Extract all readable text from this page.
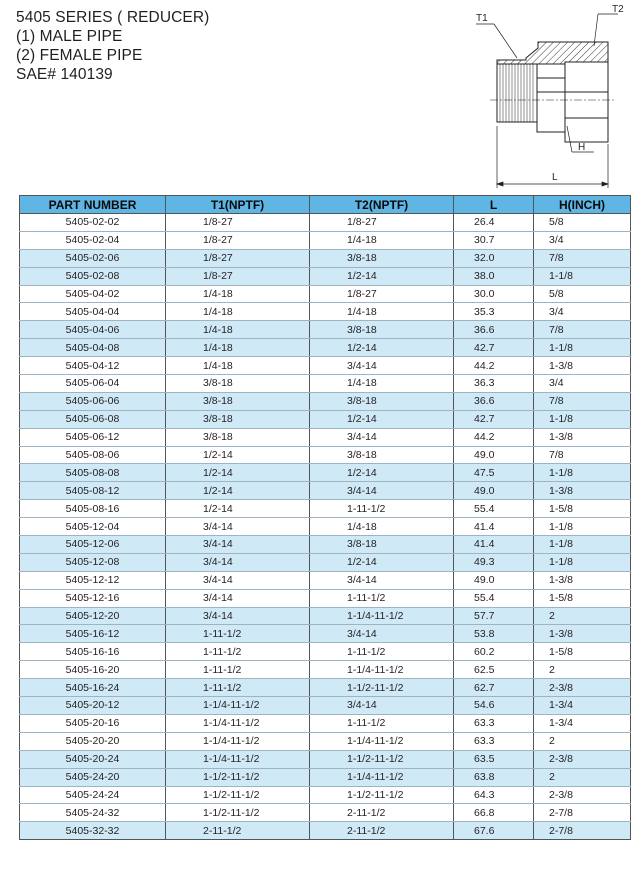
5405 SERIES ( REDUCER)
(1) MALE PIPE
(2) FEMALE PIPE
SAE# 140139
T1
T2
H
L
PART NUMBER	T1(NPTF)	T2(NPTF)	L	H(INCH)
5405-02-02	1/8-27	1/8-27	26.4	5/8
5405-02-04	1/8-27	1/4-18	30.7	3/4
5405-02-06	1/8-27	3/8-18	32.0	7/8
5405-02-08	1/8-27	1/2-14	38.0	1-1/8
5405-04-02	1/4-18	1/8-27	30.0	5/8
5405-04-04	1/4-18	1/4-18	35.3	3/4
5405-04-06	1/4-18	3/8-18	36.6	7/8
5405-04-08	1/4-18	1/2-14	42.7	1-1/8
5405-04-12	1/4-18	3/4-14	44.2	1-3/8
5405-06-04	3/8-18	1/4-18	36.3	3/4
5405-06-06	3/8-18	3/8-18	36.6	7/8
5405-06-08	3/8-18	1/2-14	42.7	1-1/8
5405-06-12	3/8-18	3/4-14	44.2	1-3/8
5405-08-06	1/2-14	3/8-18	49.0	7/8
5405-08-08	1/2-14	1/2-14	47.5	1-1/8
5405-08-12	1/2-14	3/4-14	49.0	1-3/8
5405-08-16	1/2-14	1-11-1/2	55.4	1-5/8
5405-12-04	3/4-14	1/4-18	41.4	1-1/8
5405-12-06	3/4-14	3/8-18	41.4	1-1/8
5405-12-08	3/4-14	1/2-14	49.3	1-1/8
5405-12-12	3/4-14	3/4-14	49.0	1-3/8
5405-12-16	3/4-14	1-11-1/2	55.4	1-5/8
5405-12-20	3/4-14	1-1/4-11-1/2	57.7	2
5405-16-12	1-11-1/2	3/4-14	53.8	1-3/8
5405-16-16	1-11-1/2	1-11-1/2	60.2	1-5/8
5405-16-20	1-11-1/2	1-1/4-11-1/2	62.5	2
5405-16-24	1-11-1/2	1-1/2-11-1/2	62.7	2-3/8
5405-20-12	1-1/4-11-1/2	3/4-14	54.6	1-3/4
5405-20-16	1-1/4-11-1/2	1-11-1/2	63.3	1-3/4
5405-20-20	1-1/4-11-1/2	1-1/4-11-1/2	63.3	2
5405-20-24	1-1/4-11-1/2	1-1/2-11-1/2	63.5	2-3/8
5405-24-20	1-1/2-11-1/2	1-1/4-11-1/2	63.8	2
5405-24-24	1-1/2-11-1/2	1-1/2-11-1/2	64.3	2-3/8
5405-24-32	1-1/2-11-1/2	2-11-1/2	66.8	2-7/8
5405-32-32	2-11-1/2	2-11-1/2	67.6	2-7/8
